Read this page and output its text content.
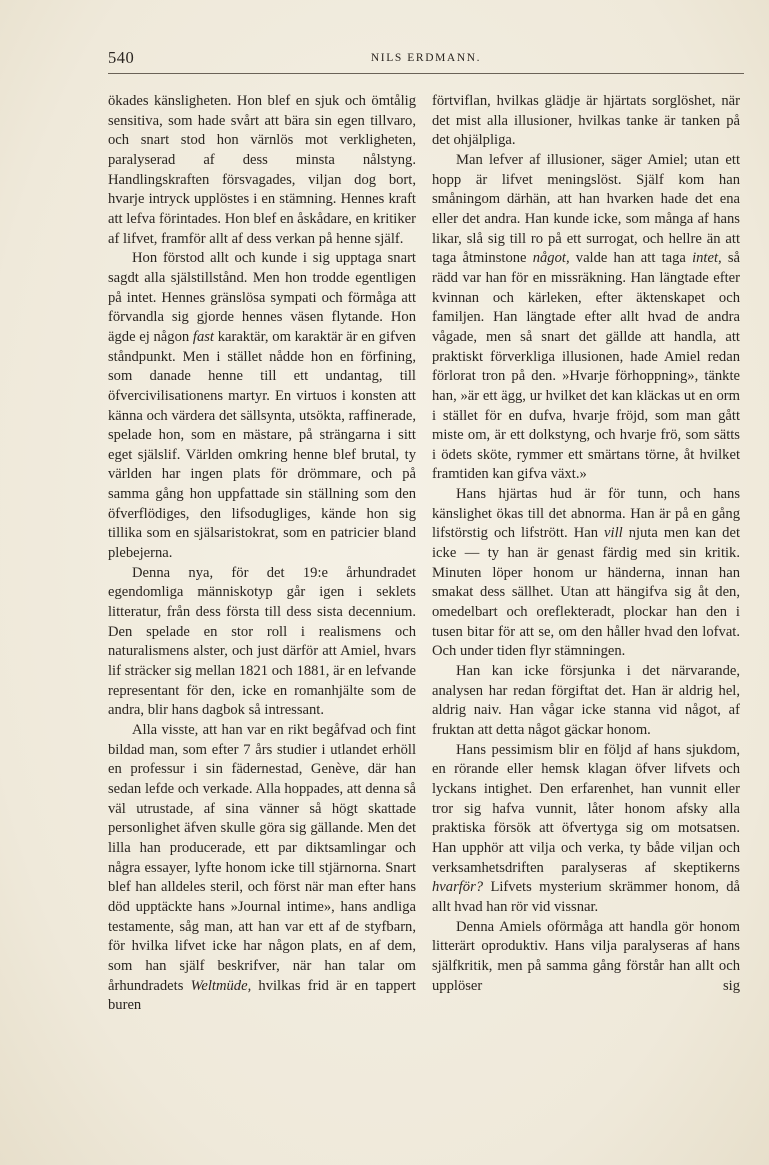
540	NILS ERDMANN.

ökades känsligheten. Hon blef en sjuk och ömtålig sensitiva, som hade svårt att bära sin egen tillvaro, och snart stod hon värnlös mot verkligheten, paralyserad af dess minsta nålstyng. Handlingskraften försvagades, viljan dog bort, hvarje intryck upplöstes i en stämning. Hennes kraft att lefva förintades. Hon blef en åskådare, en kritiker af lifvet, framför allt af dess verkan på henne själf.

Hon förstod allt och kunde i sig upptaga snart sagdt alla själstillstånd. Men hon trodde egentligen på intet. Hennes gränslösa sympati och förmåga att förvandla sig gjorde hennes väsen flytande. Hon ägde ej någon fast karaktär, om karaktär är en gifven ståndpunkt. Men i stället nådde hon en förfining, som danade henne till ett undantag, till öfvercivilisationens martyr. En virtuos i konsten att känna och värdera det sällsynta, utsökta, raffinerade, spelade hon, som en mästare, på strängarna i sitt eget själslif. Världen omkring henne blef brutal, ty världen har ingen plats för drömmare, och på samma gång hon uppfattade sin ställning som den öfverflödiges, den lifsodugliges, kände hon sig tillika som en själsaristokrat, som en patricier bland plebejerna.

Denna nya, för det 19:e århundradet egendomliga människotyp går igen i seklets litteratur, från dess första till dess sista decennium. Den spelade en stor roll i realismens och naturalismens alster, och just därför att Amiel, hvars lif sträcker sig mellan 1821 och 1881, är en lefvande representant för den, icke en romanhjälte som de andra, blir hans dagbok så intressant.

Alla visste, att han var en rikt begåfvad och fint bildad man, som efter 7 års studier i utlandet erhöll en professur i sin fädernestad, Genève, där han sedan lefde och verkade. Alla hoppades, att denna så väl utrustade, af sina vänner så högt skattade personlighet äfven skulle göra sig gällande. Men det lilla han producerade, ett par diktsamlingar och några essayer, lyfte honom icke till stjärnorna. Snart blef han alldeles steril, och först när man efter hans död upptäckte hans »Journal intime», hans andliga testamente, såg man, att han var ett af de styfbarn, för hvilka lifvet icke har någon plats, en af dem, som han själf beskrifver, när han talar om århundradets Weltmüde, hvilkas frid är en tappert buren

förtviflan, hvilkas glädje är hjärtats sorglöshet, när det mist alla illusioner, hvilkas tanke är tanken på det ohjälpliga.

Man lefver af illusioner, säger Amiel; utan ett hopp är lifvet meningslöst. Själf kom han småningom därhän, att han hvarken hade det ena eller det andra. Han kunde icke, som många af hans likar, slå sig till ro på ett surrogat, och hellre än att taga åtminstone något, valde han att taga intet, så rädd var han för en missräkning. Han längtade efter kvinnan och kärleken, efter äktenskapet och familjen. Han längtade efter allt hvad de andra vågade, men så snart det gällde att handla, att praktiskt förverkliga illusionen, hade Amiel redan förlorat tron på den. »Hvarje förhoppning», tänkte han, »är ett ägg, ur hvilket det kan kläckas ut en orm i stället för en dufva, hvarje fröjd, som man gått miste om, är ett dolkstyng, och hvarje frö, som sätts i ödets sköte, rymmer ett smärtans törne, åt hvilket framtiden kan gifva växt.»

Hans hjärtas hud är för tunn, och hans känslighet ökas till det abnorma. Han är på en gång lifstörstig och lifstrött. Han vill njuta men kan det icke — ty han är genast färdig med sin kritik. Minuten löper honom ur händerna, innan han smakat dess sällhet. Utan att hängifva sig åt den, omedelbart och oreflekteradt, plockar han den i tusen bitar för att se, om den håller hvad den lofvat. Och under tiden flyr stämningen.

Han kan icke försjunka i det närvarande, analysen har redan förgiftat det. Han är aldrig hel, aldrig naiv. Han vågar icke stanna vid något, af fruktan att detta något gäckar honom.

Hans pessimism blir en följd af hans sjukdom, en rörande eller hemsk klagan öfver lifvets och lyckans intighet. Den erfarenhet, han vunnit eller tror sig hafva vunnit, låter honom afsky alla praktiska försök att öfvertyga sig om motsatsen. Han upphör att vilja och verka, ty både viljan och verksamhetsdriften paralyseras af skeptikerns hvarför? Lifvets mysterium skrämmer honom, då allt hvad han rör vid vissnar.

Denna Amiels oförmåga att handla gör honom litterärt oproduktiv. Hans vilja paralyseras af hans själfkritik, men på samma gång förstår han allt och upplöser sig
